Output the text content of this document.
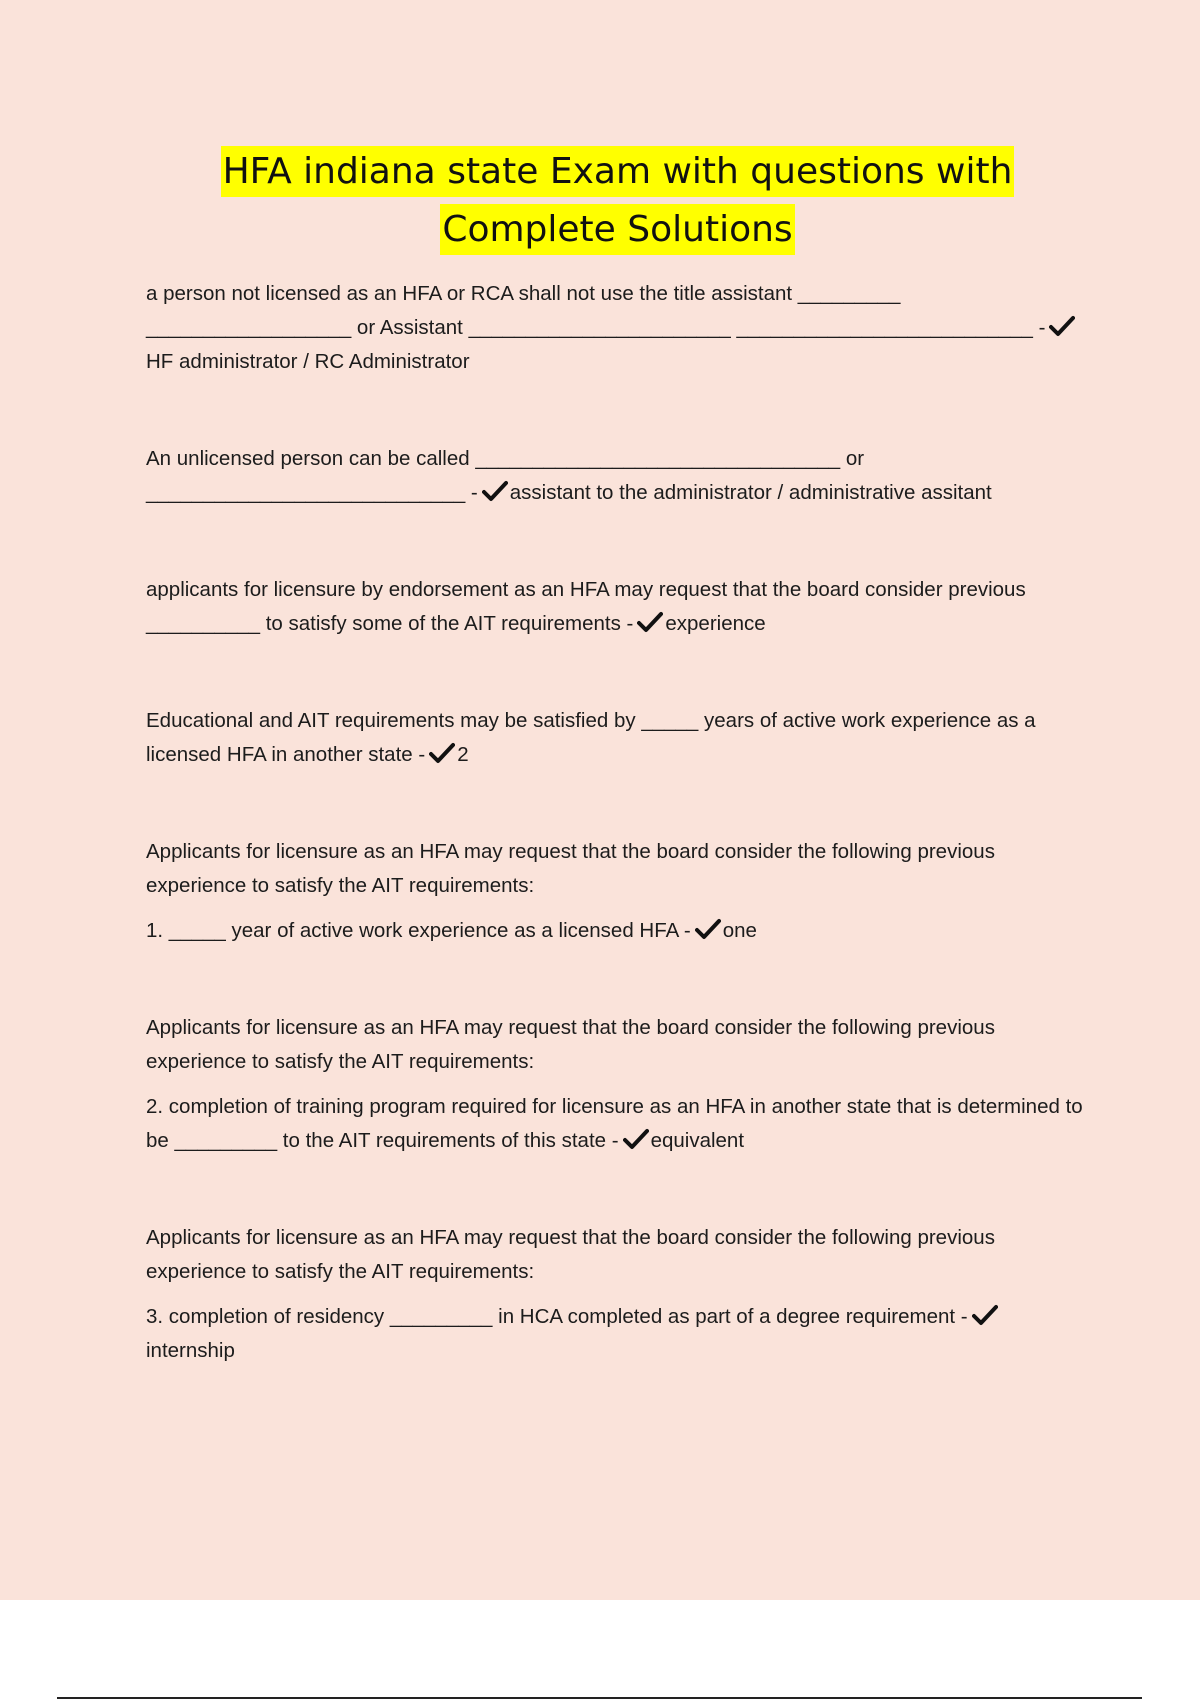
HFA indiana state Exam with questions with
Complete Solutions

a person not licensed as an HFA or RCA shall not use the title assistant _________ __________________ or Assistant _______________________ __________________________ -
HF administrator / RC Administrator

An unlicensed person can be called ________________________________ or ____________________________ - assistant to the administrator / administrative assitant

applicants for licensure by endorsement as an HFA may request that the board consider previous __________ to satisfy some of the AIT requirements - experience

Educational and AIT requirements may be satisfied by _____ years of active work experience as a licensed HFA in another state - 2

Applicants for licensure as an HFA may request that the board consider the following previous experience to satisfy the AIT requirements:

1. _____ year of active work experience as a licensed HFA - one

Applicants for licensure as an HFA may request that the board consider the following previous experience to satisfy the AIT requirements:

2. completion of training program required for licensure as an HFA in another state that is determined to be _________ to the AIT requirements of this state - equivalent

Applicants for licensure as an HFA may request that the board consider the following previous experience to satisfy the AIT requirements:

3. completion of residency _________ in HCA completed as part of a degree requirement -
internship
